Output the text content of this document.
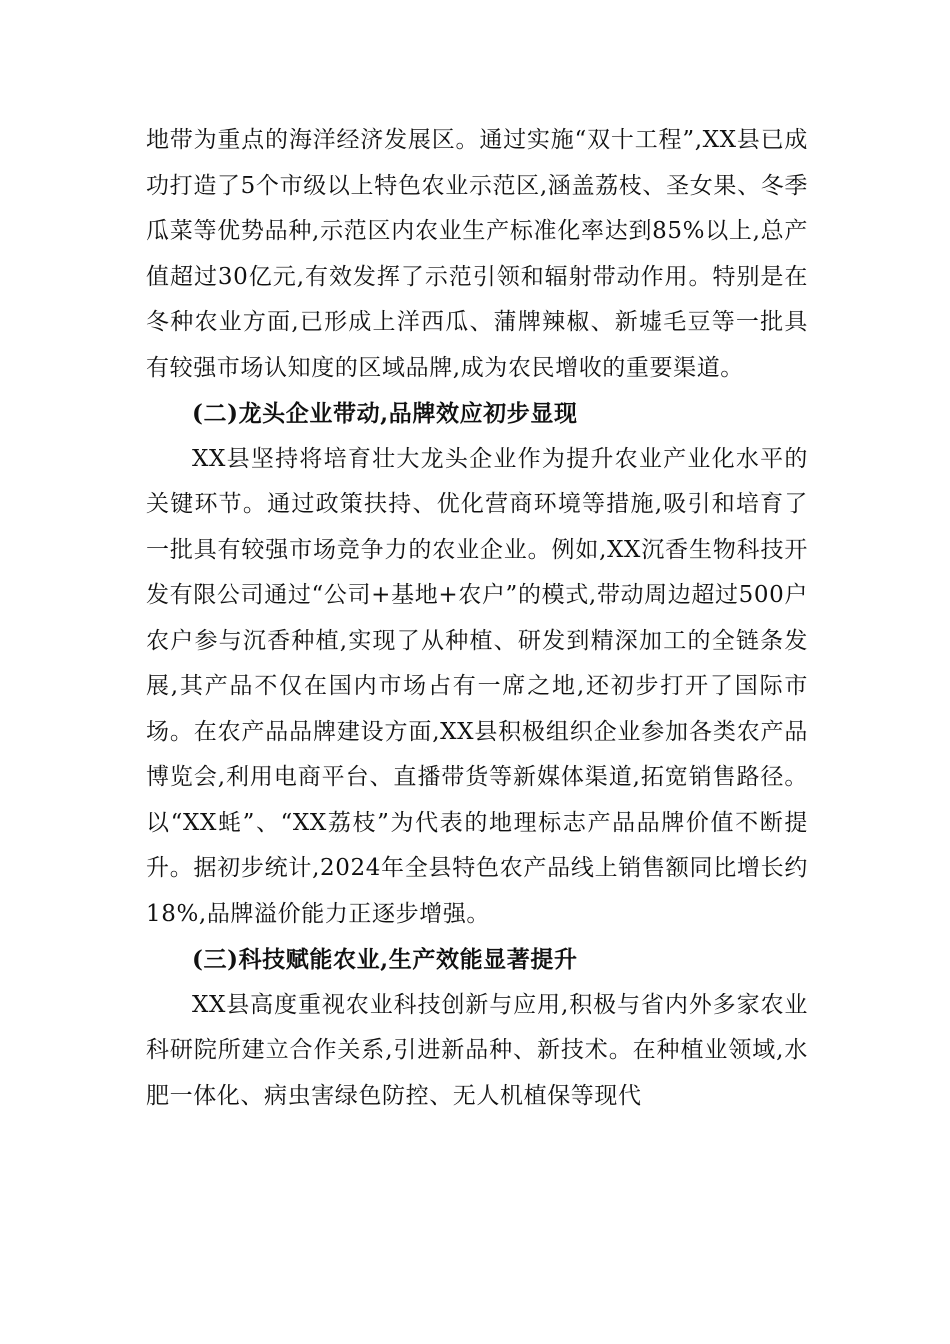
地带为重点的海洋经济发展区。通过实施“双十工程”,XX县已成功打造了5个市级以上特色农业示范区,涵盖荔枝、圣女果、冬季瓜菜等优势品种,示范区内农业生产标准化率达到85%以上,总产值超过30亿元,有效发挥了示范引领和辐射带动作用。特别是在冬种农业方面,已形成上洋西瓜、蒲牌辣椒、新墟毛豆等一批具有较强市场认知度的区域品牌,成为农民增收的重要渠道。

(二)龙头企业带动,品牌效应初步显现

XX县坚持将培育壮大龙头企业作为提升农业产业化水平的关键环节。通过政策扶持、优化营商环境等措施,吸引和培育了一批具有较强市场竞争力的农业企业。例如,XX沉香生物科技开发有限公司通过“公司+基地+农户”的模式,带动周边超过500户农户参与沉香种植,实现了从种植、研发到精深加工的全链条发展,其产品不仅在国内市场占有一席之地,还初步打开了国际市场。在农产品品牌建设方面,XX县积极组织企业参加各类农产品博览会,利用电商平台、直播带货等新媒体渠道,拓宽销售路径。以“XX蚝”、“XX荔枝”为代表的地理标志产品品牌价值不断提升。据初步统计,2024年全县特色农产品线上销售额同比增长约18%,品牌溢价能力正逐步增强。

(三)科技赋能农业,生产效能显著提升

XX县高度重视农业科技创新与应用,积极与省内外多家农业科研院所建立合作关系,引进新品种、新技术。在种植业领域,水肥一体化、病虫害绿色防控、无人机植保等现代
